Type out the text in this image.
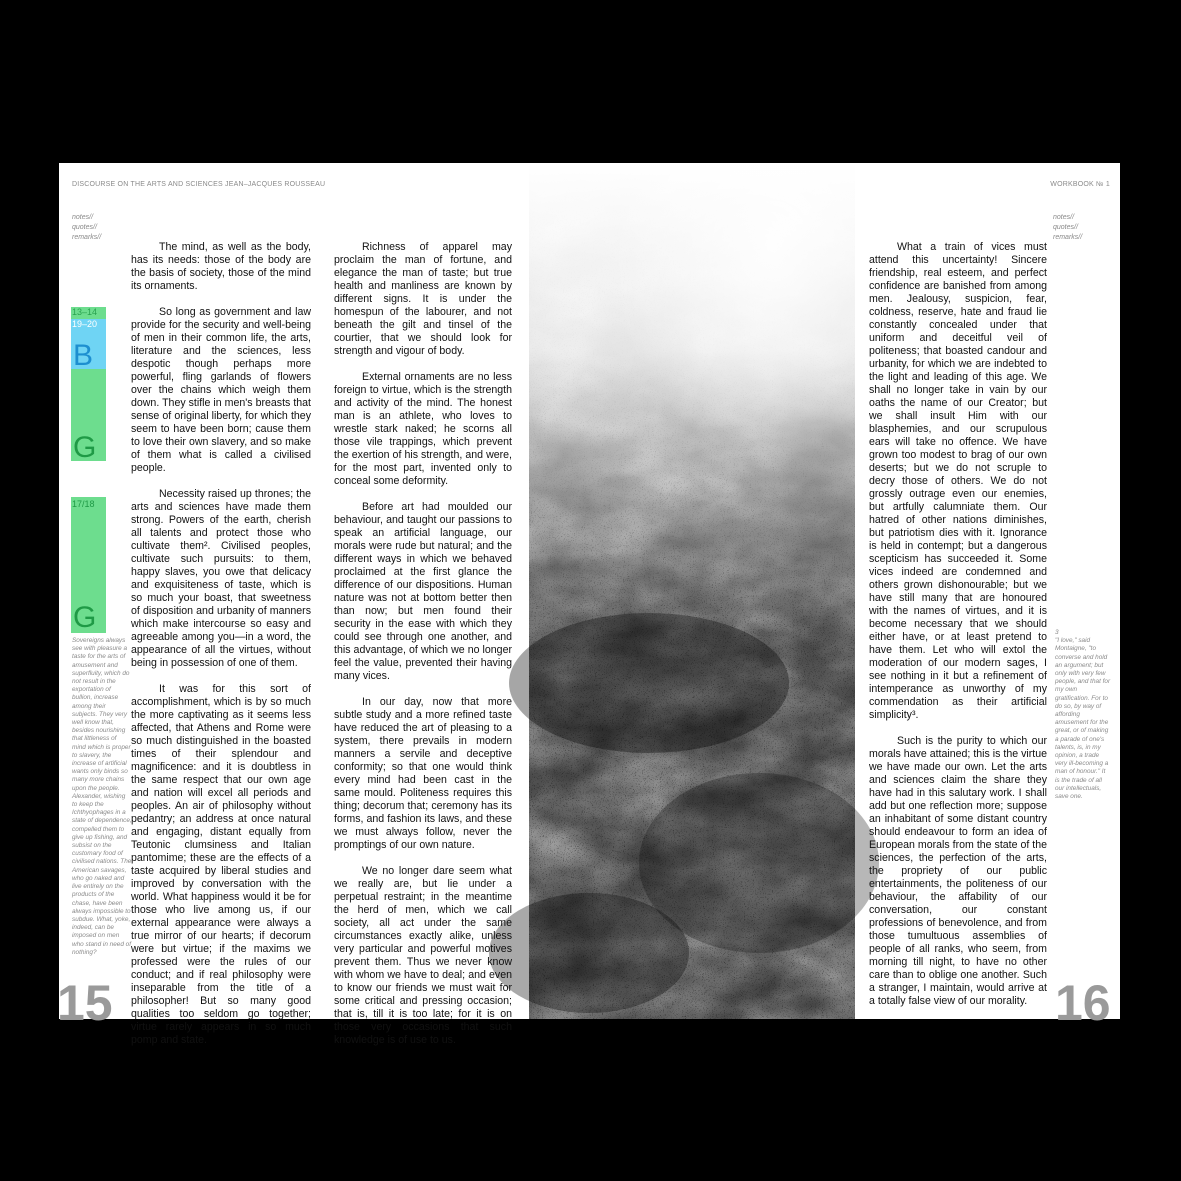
DISCOURSE ON THE ARTS AND SCIENCES JEAN–JACQUES ROUSSEAU	WORKBOOK № 1
notes//
quotes//
remarks//
notes//
quotes//
remarks//
13–14
19–20
B
G
17/18
G
Sovereigns always see with pleasure a taste for the arts of amusement and superfluity, which do not result in the exportation of bullion, increase among their subjects. They very well know that, besides nourishing that littleness of mind which is proper to slavery, the increase of artificial wants only binds so many more chains upon the people. Alexander, wishing to keep the Ichthyophages in a state of dependence, compelled them to give up fishing, and subsist on the customary food of civilised nations. The American savages, who go naked and live entirely on the products of the chase, have been always impossible to subdue. What, yoke, indeed, can be imposed on men who stand in need of nothing?

The mind, as well as the body, has its needs: those of the body are the basis of society, those of the mind its ornaments.

So long as government and law provide for the security and well-being of men in their common life, the arts, literature and the sciences, less despotic though perhaps more powerful, fling garlands of flowers over the chains which weigh them down. They stifle in men's breasts that sense of original liberty, for which they seem to have been born; cause them to love their own slavery, and so make of them what is called a civilised people.

Necessity raised up thrones; the arts and sciences have made them strong. Powers of the earth, cherish all talents and protect those who cultivate them². Civilised peoples, cultivate such pursuits: to them, happy slaves, you owe that delicacy and exquisiteness of taste, which is so much your boast, that sweetness of disposition and urbanity of manners which make intercourse so easy and agreeable among you—in a word, the appearance of all the virtues, without being in possession of one of them.

It was for this sort of accomplishment, which is by so much the more captivating as it seems less affected, that Athens and Rome were so much distinguished in the boasted times of their splendour and magnificence: and it is doubtless in the same respect that our own age and nation will excel all periods and peoples. An air of philosophy without pedantry; an address at once natural and engaging, distant equally from Teutonic clumsiness and Italian pantomime; these are the effects of a taste acquired by liberal studies and improved by conversation with the world. What happiness would it be for those who live among us, if our external appearance were always a true mirror of our hearts; if decorum were but virtue; if the maxims we professed were the rules of our conduct; and if real philosophy were inseparable from the title of a philosopher! But so many good qualities too seldom go together; virtue rarely appears in so much pomp and state.

Richness of apparel may proclaim the man of fortune, and elegance the man of taste; but true health and manliness are known by different signs. It is under the homespun of the labourer, and not beneath the gilt and tinsel of the courtier, that we should look for strength and vigour of body.

External ornaments are no less foreign to virtue, which is the strength and activity of the mind. The honest man is an athlete, who loves to wrestle stark naked; he scorns all those vile trappings, which prevent the exertion of his strength, and were, for the most part, invented only to conceal some deformity.

Before art had moulded our behaviour, and taught our passions to speak an artificial language, our morals were rude but natural; and the different ways in which we behaved proclaimed at the first glance the difference of our dispositions. Human nature was not at bottom better then than now; but men found their security in the ease with which they could see through one another, and this advantage, of which we no longer feel the value, prevented their having many vices.

In our day, now that more subtle study and a more refined taste have reduced the art of pleasing to a system, there prevails in modern manners a servile and deceptive conformity; so that one would think every mind had been cast in the same mould. Politeness requires this thing; decorum that; ceremony has its forms, and fashion its laws, and these we must always follow, never the promptings of our own nature.

We no longer dare seem what we really are, but lie under a perpetual restraint; in the meantime the herd of men, which we call society, all act under the same circumstances exactly alike, unless very particular and powerful motives prevent them. Thus we never know with whom we have to deal; and even to know our friends we must wait for some critical and pressing occasion; that is, till it is too late; for it is on those very occasions that such knowledge is of use to us.

What a train of vices must attend this uncertainty! Sincere friendship, real esteem, and perfect confidence are banished from among men. Jealousy, suspicion, fear, coldness, reserve, hate and fraud lie constantly concealed under that uniform and deceitful veil of politeness; that boasted candour and urbanity, for which we are indebted to the light and leading of this age. We shall no longer take in vain by our oaths the name of our Creator; but we shall insult Him with our blasphemies, and our scrupulous ears will take no offence. We have grown too modest to brag of our own deserts; but we do not scruple to decry those of others. We do not grossly outrage even our enemies, but artfully calumniate them. Our hatred of other nations diminishes, but patriotism dies with it. Ignorance is held in contempt; but a dangerous scepticism has succeeded it. Some vices indeed are condemned and others grown dishonourable; but we have still many that are honoured with the names of virtues, and it is become necessary that we should either have, or at least pretend to have them. Let who will extol the moderation of our modern sages, I see nothing in it but a refinement of intemperance as unworthy of my commendation as their artificial simplicity³.

Such is the purity to which our morals have attained; this is the virtue we have made our own. Let the arts and sciences claim the share they have had in this salutary work. I shall add but one reflection more; suppose an inhabitant of some distant country should endeavour to form an idea of European morals from the state of the sciences, the perfection of the arts, the propriety of our public entertainments, the politeness of our behaviour, the affability of our conversation, our constant professions of benevolence, and from those tumultuous assemblies of people of all ranks, who seem, from morning till night, to have no other care than to oblige one another. Such a stranger, I maintain, would arrive at a totally false view of our morality.

3
"I love," said Montaigne, "to converse and hold an argument; but only with very few people, and that for my own gratification. For to do so, by way of affording amusement for the great, or of making a parade of one's talents, is, in my opinion, a trade very ill-becoming a man of honour." It is the trade of all our intellectuals, save one.
15	16
